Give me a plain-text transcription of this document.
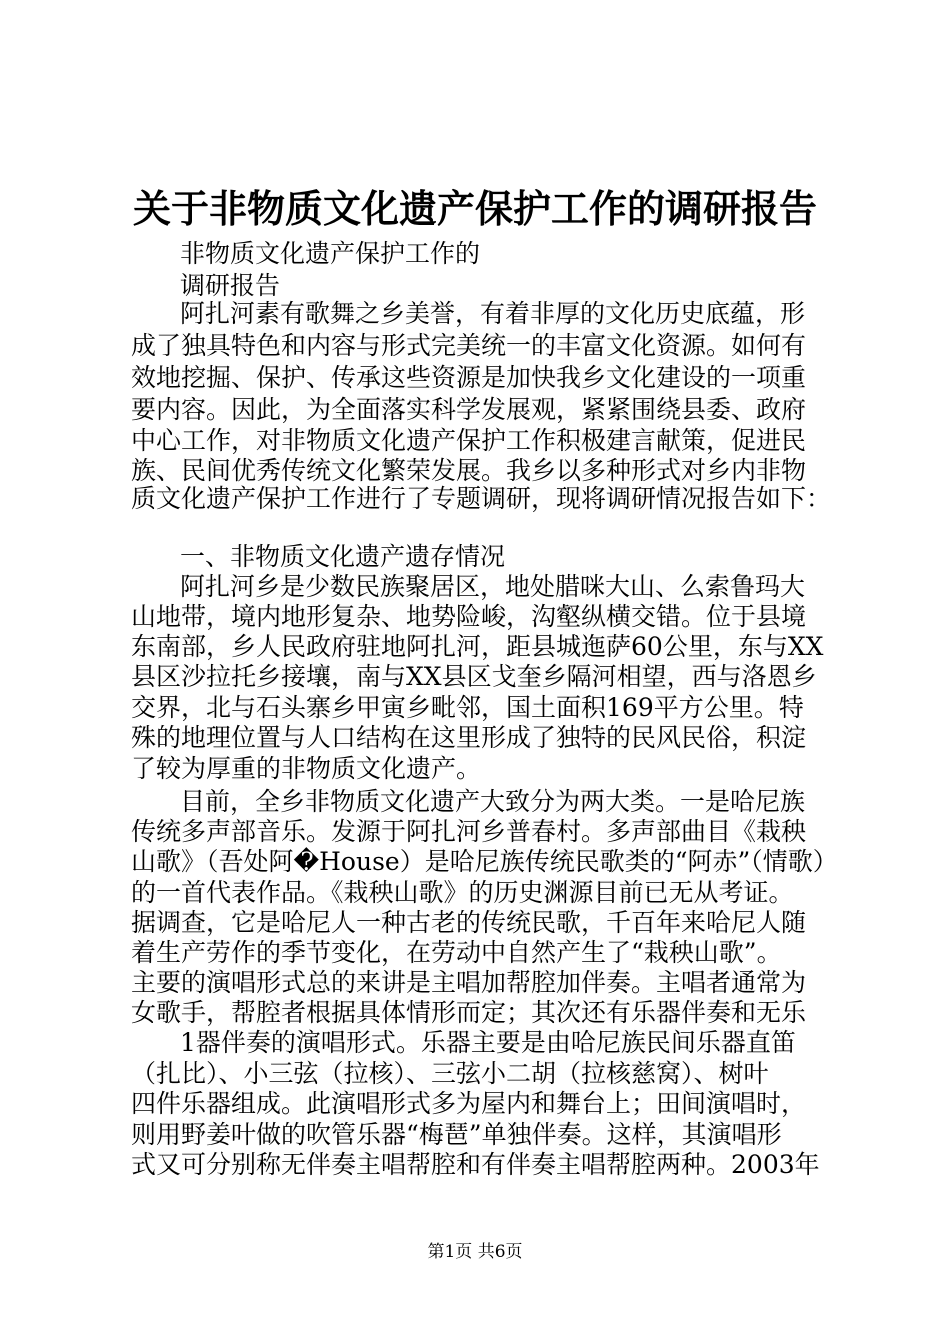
关于非物质文化遗产保护工作的调研报告
非物质文化遗产保护工作的
调研报告
阿扎河素有歌舞之乡美誉，有着非厚的文化历史底蕴，形
成了独具特色和内容与形式完美统一的丰富文化资源。如何有
效地挖掘、保护、传承这些资源是加快我乡文化建设的一项重
要内容。因此，为全面落实科学发展观，紧紧围绕县委、政府
中心工作，对非物质文化遗产保护工作积极建言献策，促进民
族、民间优秀传统文化繁荣发展。我乡以多种形式对乡内非物
质文化遗产保护工作进行了专题调研，现将调研情况报告如下：
一、非物质文化遗产遗存情况
阿扎河乡是少数民族聚居区，地处腊咪大山、么索鲁玛大
山地带，境内地形复杂、地势险峻，沟壑纵横交错。位于县境
东南部，乡人民政府驻地阿扎河，距县城迤萨60公里，东与XX
县区沙拉托乡接壤，南与XX县区戈奎乡隔河相望，西与洛恩乡
交界，北与石头寨乡甲寅乡毗邻，国土面积169平方公里。特
殊的地理位置与人口结构在这里形成了独特的民风民俗，积淀
了较为厚重的非物质文化遗产。
目前，全乡非物质文化遗产大致分为两大类。一是哈尼族
传统多声部音乐。发源于阿扎河乡普春村。多声部曲目《栽秧
山歌》（吾处阿�House）是哈尼族传统民歌类的“阿赤”（情歌）
的一首代表作品。《栽秧山歌》的历史渊源目前已无从考证。
据调查，它是哈尼人一种古老的传统民歌，千百年来哈尼人随
着生产劳作的季节变化，在劳动中自然产生了“栽秧山歌”。
主要的演唱形式总的来讲是主唱加帮腔加伴奏。主唱者通常为
女歌手，帮腔者根据具体情形而定；其次还有乐器伴奏和无乐
1器伴奏的演唱形式。乐器主要是由哈尼族民间乐器直笛
（扎比）、小三弦（拉核）、三弦小二胡（拉核慈窝）、树叶
四件乐器组成。此演唱形式多为屋内和舞台上；田间演唱时，
则用野姜叶做的吹管乐器“梅琶”单独伴奏。这样，其演唱形
式又可分别称无伴奏主唱帮腔和有伴奏主唱帮腔两种。2003年
第1页 共6页
